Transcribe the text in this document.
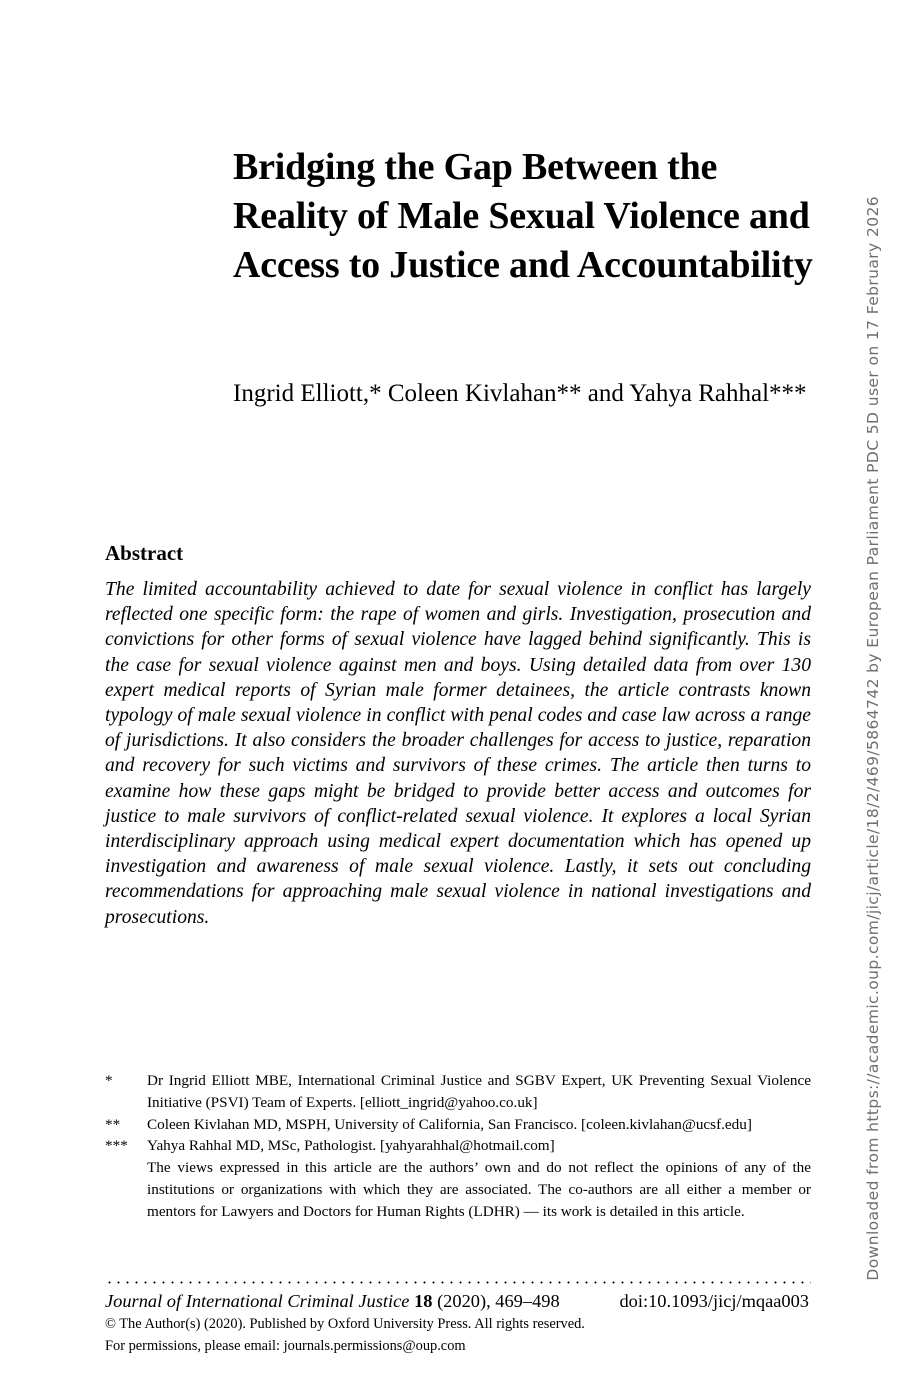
Bridging the Gap Between the Reality of Male Sexual Violence and Access to Justice and Accountability
Ingrid Elliott,* Coleen Kivlahan** and Yahya Rahhal***
Abstract
The limited accountability achieved to date for sexual violence in conflict has largely reflected one specific form: the rape of women and girls. Investigation, prosecution and convictions for other forms of sexual violence have lagged behind significantly. This is the case for sexual violence against men and boys. Using detailed data from over 130 expert medical reports of Syrian male former detainees, the article contrasts known typology of male sexual violence in conflict with penal codes and case law across a range of jurisdictions. It also considers the broader challenges for access to justice, reparation and recovery for such victims and survivors of these crimes. The article then turns to examine how these gaps might be bridged to provide better access and outcomes for justice to male survivors of conflict-related sexual violence. It explores a local Syrian interdisciplinary approach using medical expert documentation which has opened up investigation and awareness of male sexual violence. Lastly, it sets out concluding recommendations for approaching male sexual violence in national investigations and prosecutions.
*	Dr Ingrid Elliott MBE, International Criminal Justice and SGBV Expert, UK Preventing Sexual Violence Initiative (PSVI) Team of Experts. [elliott_ingrid@yahoo.co.uk]
**	Coleen Kivlahan MD, MSPH, University of California, San Francisco. [coleen.kivlahan@ucsf.edu]
***	Yahya Rahhal MD, MSc, Pathologist. [yahyarahhal@hotmail.com]
The views expressed in this article are the authors’ own and do not reflect the opinions of any of the institutions or organizations with which they are associated. The co-authors are all either a member or mentors for Lawyers and Doctors for Human Rights (LDHR) — its work is detailed in this article.
Journal of International Criminal Justice 18 (2020), 469–498	doi:10.1093/jicj/mqaa003
© The Author(s) (2020). Published by Oxford University Press. All rights reserved.
For permissions, please email: journals.permissions@oup.com
Downloaded from https://academic.oup.com/jicj/article/18/2/469/5864742 by European Parliament PDC 5D user on 17 February 2026
